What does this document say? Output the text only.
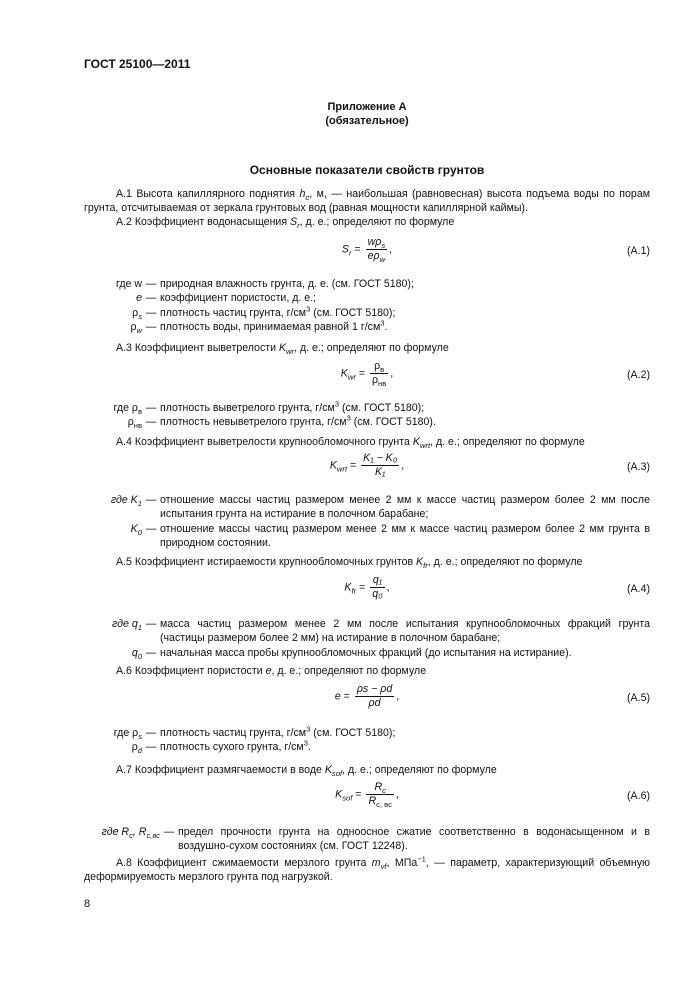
ГОСТ 25100—2011
Приложение А
(обязательное)
Основные показатели свойств грунтов
А.1 Высота капиллярного поднятия $h_c$, м, — наибольшая (равновесная) высота подъема воды по порам грунта, отсчитываемая от зеркала грунтовых вод (равная мощности капиллярной каймы).
А.2 Коэффициент водонасыщения $S_r$, д. е.; определяют по формуле
$S_r = \frac{w\rho_s}{e\rho_w}$ ,	(А.1)
где w — природная влажность грунта, д. е. (см. ГОСТ 5180);
e — коэффициент пористости, д. е.;
$\rho_s$ — плотность частиц грунта, $г/см^3$ (см. ГОСТ 5180);
$\rho_w$ — плотность воды, принимаемая равной 1 $г/см^3$.
А.3 Коэффициент выветрелости $K_{wr}$, д. е.; определяют по формуле
$K_{wr} = \frac{\rho_в}{\rho_{нв}}$ ,	(А.2)
где $\rho_в$ — плотность выветрелого грунта, $г/см^3$ (см. ГОСТ 5180);
$\rho_{нв}$ — плотность невыветрелого грунта, $г/см^3$ (см. ГОСТ 5180).
А.4 Коэффициент выветрелости крупнообломочного грунта $K_{wrt}$, д. е.; определяют по формуле
$K_{wrt} = \frac{\text{K₁ − K₀}}{\text{K₁}}$ ,	(А.3)
где $K_1$ — отношение массы частиц размером менее 2 мм к массе частиц размером более 2 мм после испытания грунта на истирание в полочном барабане;
$K_0$ — отношение массы частиц размером менее 2 мм к массе частиц размером более 2 мм грунта в природном состоянии.
А.5 Коэффициент истираемости крупнообломочных грунтов $K_{fr}$, д. е.; определяют по формуле
$K_{fr} = \frac{\text{q₁}}{\text{q₀}}$ ,	(А.4)
где $q_1$ — масса частиц размером менее 2 мм после испытания крупнообломочных фракций грунта (частицы размером более 2 мм) на истирание в полочном барабане;
$q_0$ — начальная масса пробы крупнообломочных фракций (до испытания на истирание).
А.6 Коэффициент пористости e, д. е.; определяют по формуле
$e = \frac{\rho s - \rho d}{\rho d}$ ,	(А.5)
где $\rho_s$ — плотность частиц грунта, $г/см^3$ (см. ГОСТ 5180);
$\rho_d$ — плотность сухого грунта, $г/см^3$.
А.7 Коэффициент размягчаемости в воде $K_{sof}$, д. е.; определяют по формуле
$K_{sof} = \frac{R_c}{R_{c, вс}}$ ,	(А.6)
где $R_c$, $R_{c,вс}$ — предел прочности грунта на одноосное сжатие соответственно в водонасыщенном и в воздушно-сухом состояниях (см. ГОСТ 12248).
А.8 Коэффициент сжимаемости мерзлого грунта $m_{vf}$, МПа$^{-1}$, — параметр, характеризующий объемную деформируемость мерзлого грунта под нагрузкой.
8
